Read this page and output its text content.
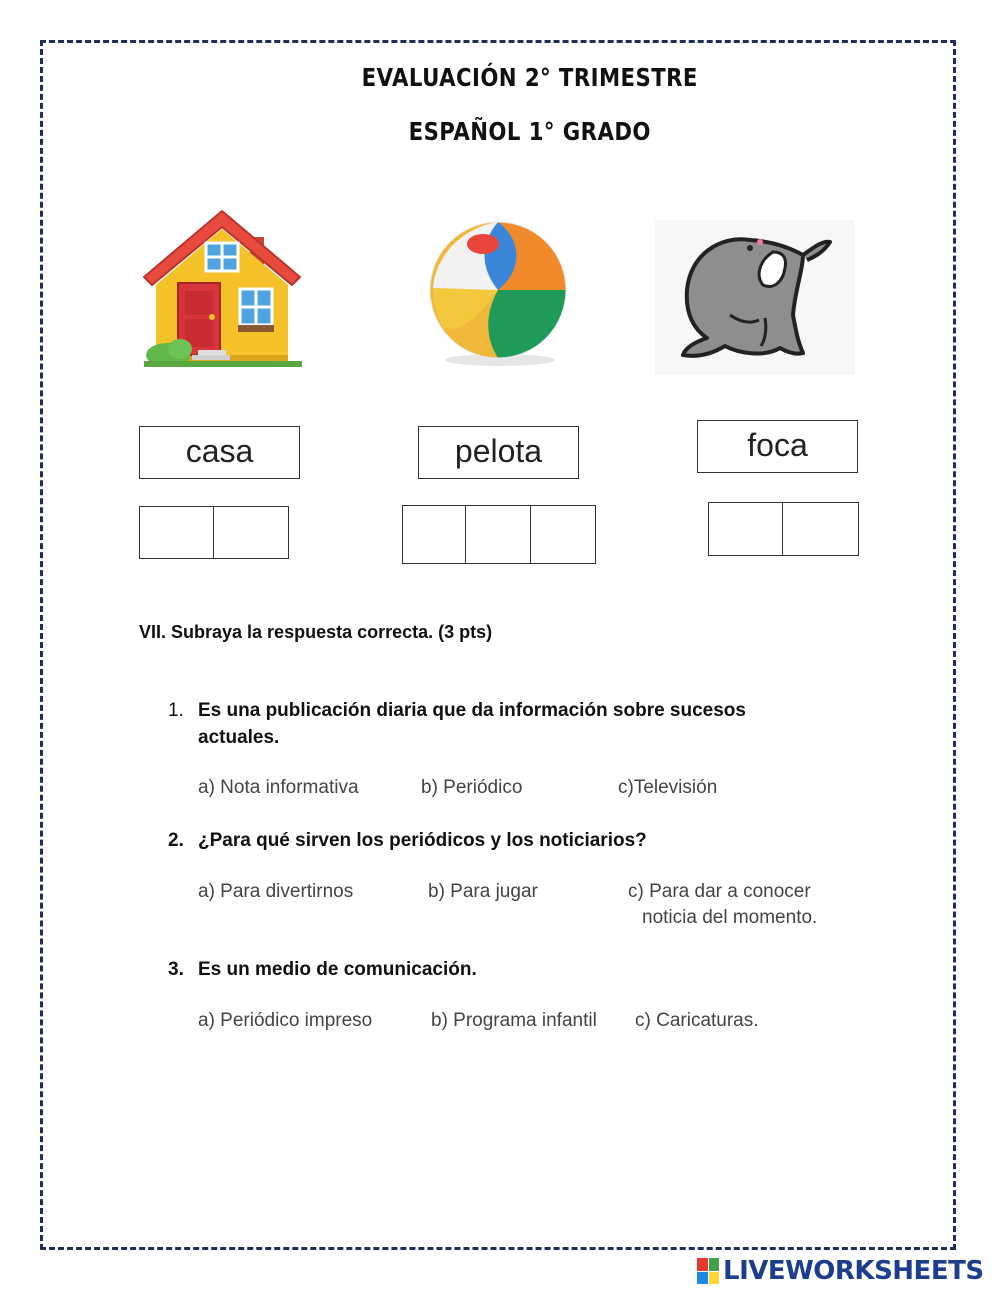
EVALUACIÓN 2° TRIMESTRE
ESPAÑOL 1° GRADO
casa	pelota	foca
VII. Subraya la respuesta correcta. (3 pts)
1. Es una publicación diaria que da información sobre sucesos
actuales.
a) Nota informativa	b) Periódico	c)Televisión
2. ¿Para qué sirven los periódicos y los noticiarios?
a) Para divertirnos	b) Para jugar	c) Para dar a conocer
noticia del momento.
3. Es un medio de comunicación.
a) Periódico impreso	b) Programa infantil c) Caricaturas.
LIVEWORKSHEETS
